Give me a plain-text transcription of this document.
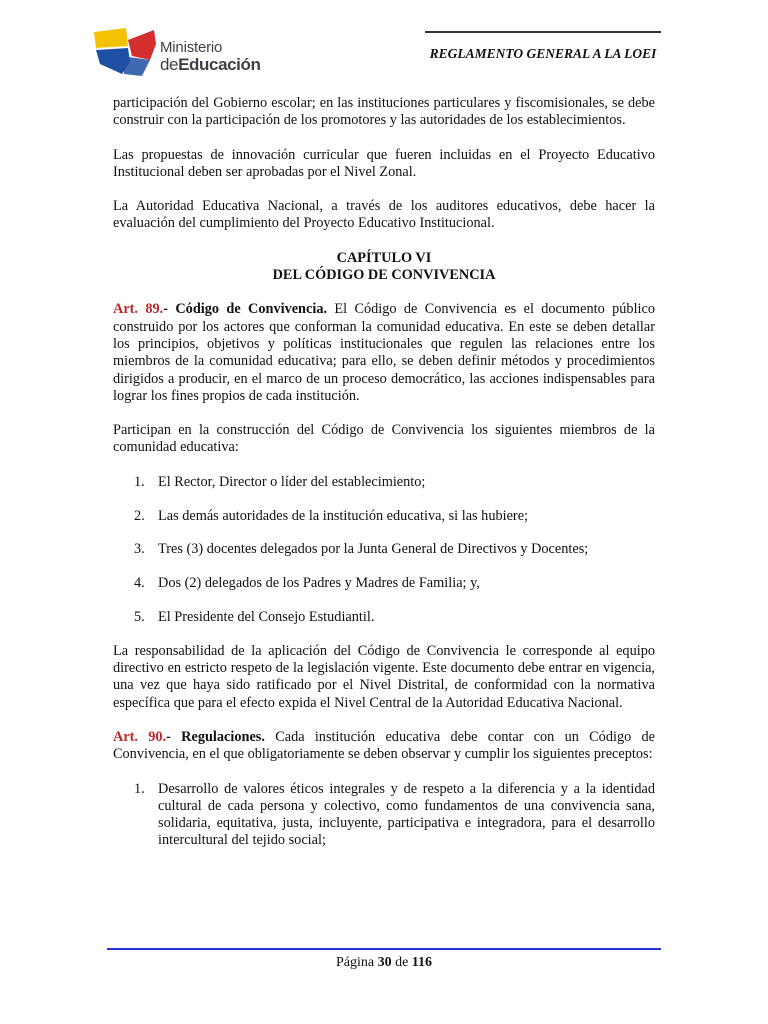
Ministerio
deEducación
REGLAMENTO GENERAL A LA LOEI

participación del Gobierno escolar; en las instituciones particulares y fiscomisionales, se debe construir con la participación de los promotores y las autoridades de los establecimientos.

Las propuestas de innovación curricular que fueren incluidas en el Proyecto Educativo Institucional deben ser aprobadas por el Nivel Zonal.

La Autoridad Educativa Nacional, a través de los auditores educativos, debe hacer la evaluación del cumplimiento del Proyecto Educativo Institucional.

CAPÍTULO VI
DEL CÓDIGO DE CONVIVENCIA

Art. 89.- Código de Convivencia. El Código de Convivencia es el documento público construido por los actores que conforman la comunidad educativa. En este se deben detallar los principios, objetivos y políticas institucionales que regulen las relaciones entre los miembros de la comunidad educativa; para ello, se deben definir métodos y procedimientos dirigidos a producir, en el marco de un proceso democrático, las acciones indispensables para lograr los fines propios de cada institución.

Participan en la construcción del Código de Convivencia los siguientes miembros de la comunidad educativa:

1. El Rector, Director o líder del establecimiento;
2. Las demás autoridades de la institución educativa, si las hubiere;
3. Tres (3) docentes delegados por la Junta General de Directivos y Docentes;
4. Dos (2) delegados de los Padres y Madres de Familia; y,
5. El Presidente del Consejo Estudiantil.

La responsabilidad de la aplicación del Código de Convivencia le corresponde al equipo directivo en estricto respeto de la legislación vigente. Este documento debe entrar en vigencia, una vez que haya sido ratificado por el Nivel Distrital, de conformidad con la normativa específica que para el efecto expida el Nivel Central de la Autoridad Educativa Nacional.

Art. 90.- Regulaciones. Cada institución educativa debe contar con un Código de Convivencia, en el que obligatoriamente se deben observar y cumplir los siguientes preceptos:

1. Desarrollo de valores éticos integrales y de respeto a la diferencia y a la identidad cultural de cada persona y colectivo, como fundamentos de una convivencia sana, solidaria, equitativa, justa, incluyente, participativa e integradora, para el desarrollo intercultural del tejido social;
Página 30 de 116
